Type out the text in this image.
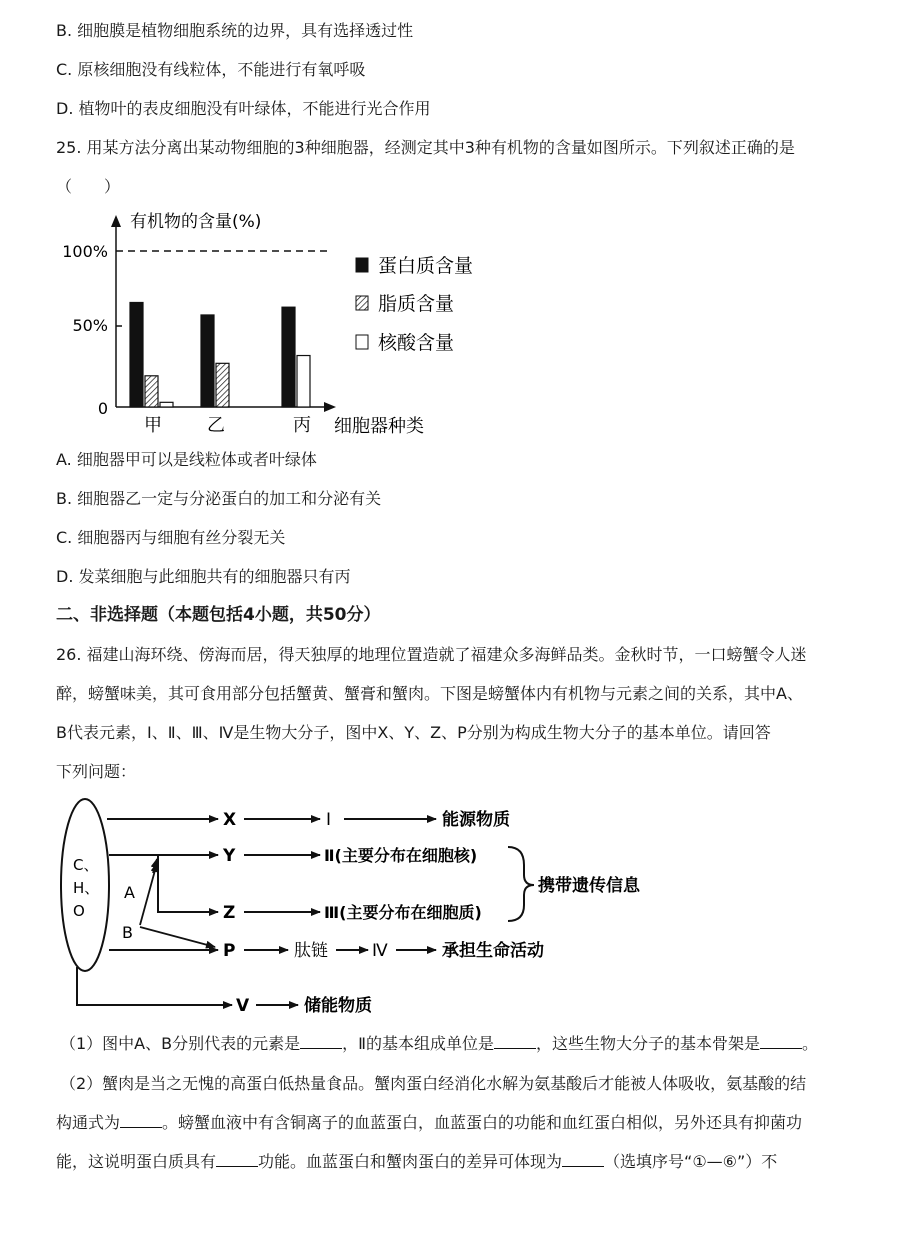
B. 细胞膜是植物细胞系统的边界，具有选择透过性
C. 原核细胞没有线粒体，不能进行有氧呼吸
D. 植物叶的表皮细胞没有叶绿体，不能进行光合作用
25. 用某方法分离出某动物细胞的3种细胞器，经测定其中3种有机物的含量如图所示。下列叙述正确的是
（　　）
100%
50%
0
有机物的含量(%)
细胞器种类
甲	乙	丙
蛋白质含量
脂质含量
核酸含量
A. 细胞器甲可以是线粒体或者叶绿体
B. 细胞器乙一定与分泌蛋白的加工和分泌有关
C. 细胞器丙与细胞有丝分裂无关
D. 发菜细胞与此细胞共有的细胞器只有丙
二、非选择题（本题包括4小题，共50分）
26. 福建山海环绕、傍海而居，得天独厚的地理位置造就了福建众多海鲜品类。金秋时节，一口螃蟹令人迷
醉，螃蟹味美，其可食用部分包括蟹黄、蟹膏和蟹肉。下图是螃蟹体内有机物与元素之间的关系，其中A、
B代表元素，Ⅰ、Ⅱ、Ⅲ、Ⅳ是生物大分子，图中X、Y、Z、P分别为构成生物大分子的基本单位。请回答
下列问题：
C、
H、
O
A
B
X
Y
Z
P
V
Ⅰ	能源物质
Ⅱ(主要分布在细胞核)
Ⅲ(主要分布在细胞质)
携带遗传信息
肽链	Ⅳ	承担生命活动
储能物质
（1）图中A、B分别代表的元素是	，Ⅱ的基本组成单位是	，这些生物大分子的基本骨架是	。
（2）蟹肉是当之无愧的高蛋白低热量食品。蟹肉蛋白经消化水解为氨基酸后才能被人体吸收，氨基酸的结
构通式为	。螃蟹血液中有含铜离子的血蓝蛋白，血蓝蛋白的功能和血红蛋白相似，另外还具有抑菌功
能，这说明蛋白质具有	功能。血蓝蛋白和蟹肉蛋白的差异可体现为	（选填序号“①—⑥”）不
